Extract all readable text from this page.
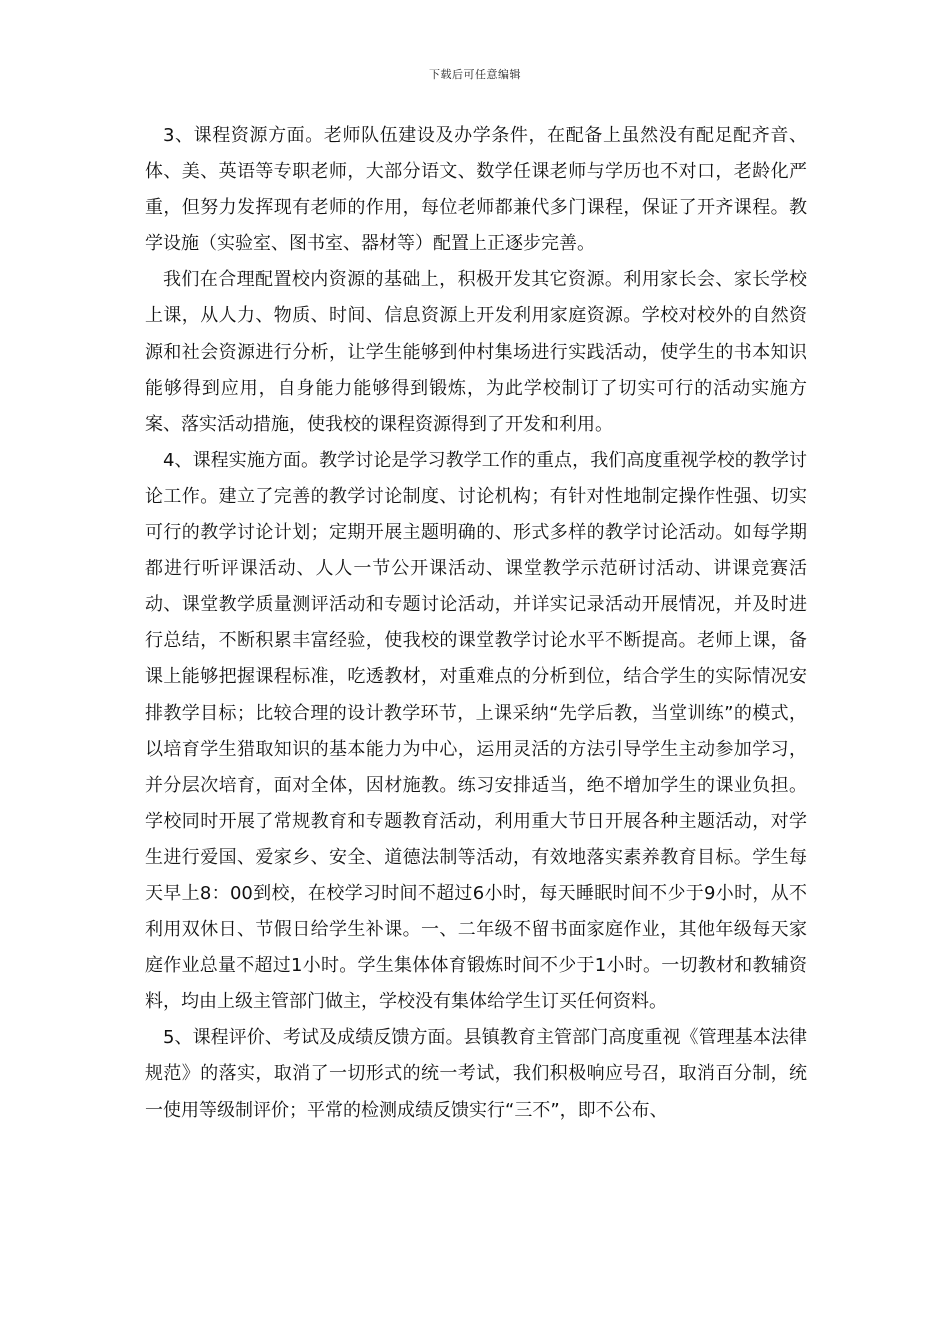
下载后可任意编辑

3、课程资源方面。老师队伍建设及办学条件，在配备上虽然没有配足配齐音、体、美、英语等专职老师，大部分语文、数学任课老师与学历也不对口，老龄化严重，但努力发挥现有老师的作用，每位老师都兼代多门课程，保证了开齐课程。教学设施（实验室、图书室、器材等）配置上正逐步完善。

我们在合理配置校内资源的基础上，积极开发其它资源。利用家长会、家长学校上课，从人力、物质、时间、信息资源上开发利用家庭资源。学校对校外的自然资源和社会资源进行分析，让学生能够到仲村集场进行实践活动，使学生的书本知识能够得到应用，自身能力能够得到锻炼，为此学校制订了切实可行的活动实施方案、落实活动措施，使我校的课程资源得到了开发和利用。

4、课程实施方面。教学讨论是学习教学工作的重点，我们高度重视学校的教学讨论工作。建立了完善的教学讨论制度、讨论机构；有针对性地制定操作性强、切实可行的教学讨论计划；定期开展主题明确的、形式多样的教学讨论活动。如每学期都进行听评课活动、人人一节公开课活动、课堂教学示范研讨活动、讲课竞赛活动、课堂教学质量测评活动和专题讨论活动，并详实记录活动开展情况，并及时进行总结，不断积累丰富经验，使我校的课堂教学讨论水平不断提高。老师上课，备课上能够把握课程标准，吃透教材，对重难点的分析到位，结合学生的实际情况安排教学目标；比较合理的设计教学环节，上课采纳“先学后教，当堂训练”的模式，以培育学生猎取知识的基本能力为中心，运用灵活的方法引导学生主动参加学习，并分层次培育，面对全体，因材施教。练习安排适当，绝不增加学生的课业负担。学校同时开展了常规教育和专题教育活动，利用重大节日开展各种主题活动，对学生进行爱国、爱家乡、安全、道德法制等活动，有效地落实素养教育目标。学生每天早上8：00到校，在校学习时间不超过6小时，每天睡眠时间不少于9小时，从不利用双休日、节假日给学生补课。一、二年级不留书面家庭作业，其他年级每天家庭作业总量不超过1小时。学生集体体育锻炼时间不少于1小时。一切教材和教辅资料，均由上级主管部门做主，学校没有集体给学生订买任何资料。

5、课程评价、考试及成绩反馈方面。县镇教育主管部门高度重视《管理基本法律规范》的落实，取消了一切形式的统一考试，我们积极响应号召，取消百分制，统一使用等级制评价；平常的检测成绩反馈实行“三不”，即不公布、
